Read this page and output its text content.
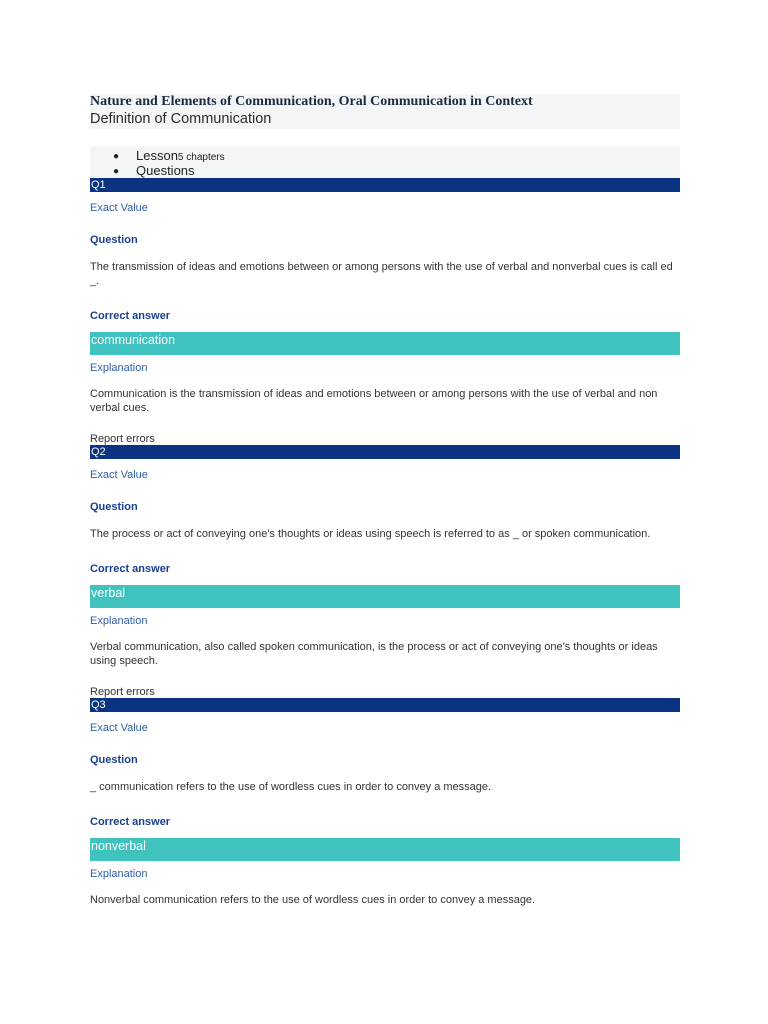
Nature and Elements of Communication, Oral Communication in Context
Definition of Communication
● Lesson5 chapters
● Questions
Q1
Exact Value
Question
The transmission of ideas and emotions between or among persons with the use of verbal and nonverbal cues is call ed _.
Correct answer
communication
Explanation
Communication is the transmission of ideas and emotions between or among persons with the use of verbal and non verbal cues.
Report errors
Q2
Exact Value
Question
The process or act of conveying one's thoughts or ideas using speech is referred to as _ or spoken communication.
Correct answer
verbal
Explanation
Verbal communication, also called spoken communication, is the process or act of conveying one's thoughts or ideas using speech.
Report errors
Q3
Exact Value
Question
_ communication refers to the use of wordless cues in order to convey a message.
Correct answer
nonverbal
Explanation
Nonverbal communication refers to the use of wordless cues in order to convey a message.
